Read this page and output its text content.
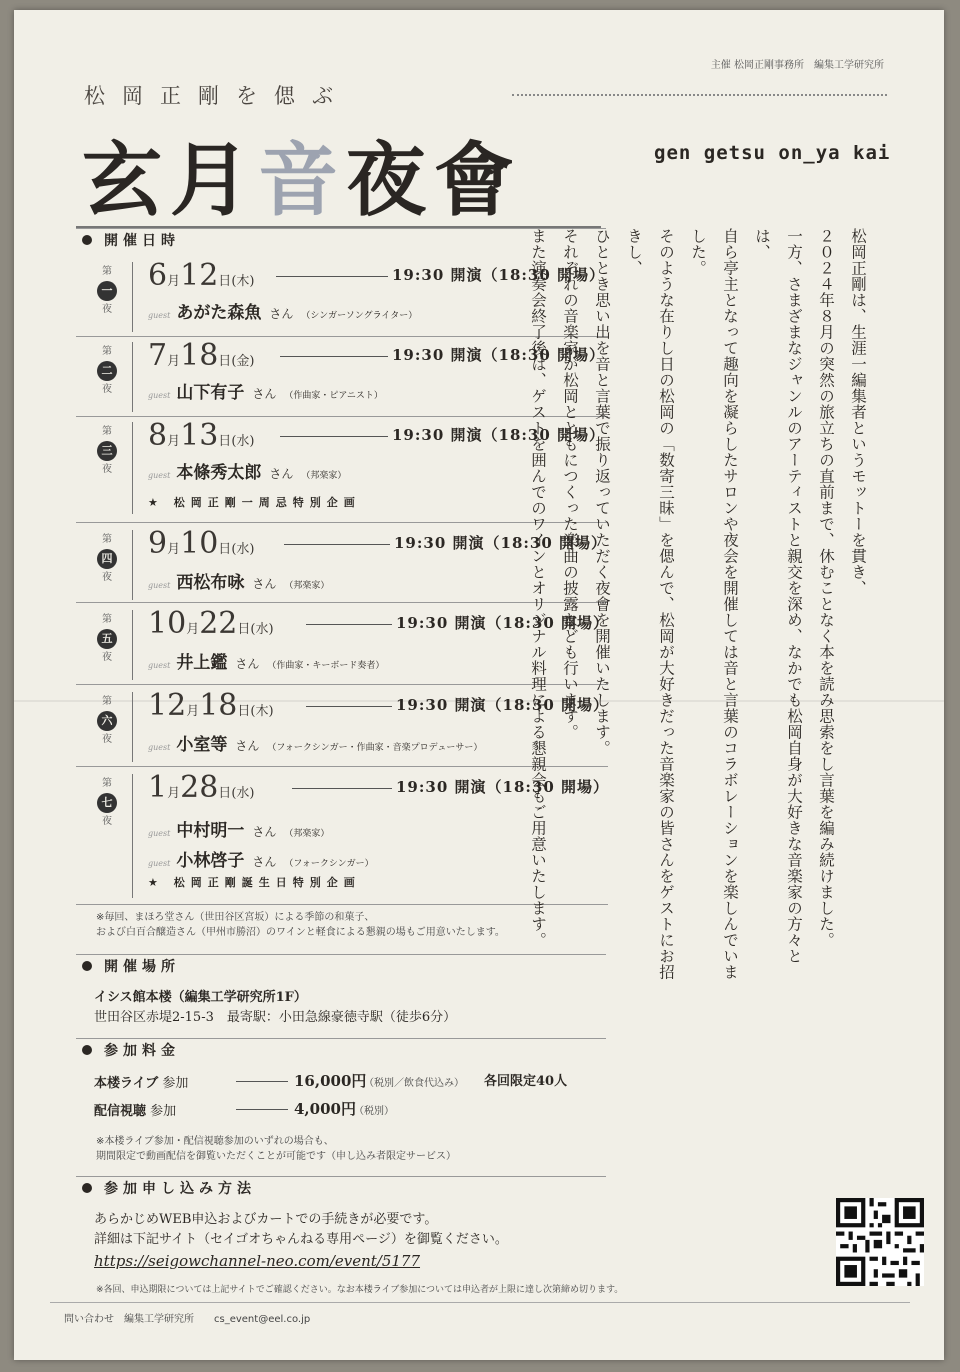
主催 松岡正剛事務所　編集工学研究所
松岡正剛を偲ぶ
玄月音夜會	gen getsu on_ya kai
開催日時
第
一
夜
6月12日(木)	19:30 開演（18:30 開場）
guest あがた森魚 さん （シンガーソングライター）
第
二
夜
7月18日(金)	19:30 開演（18:30 開場）
guest 山下有子 さん （作曲家・ピアニスト）
第
三
夜
8月13日(水)	19:30 開演（18:30 開場）
guest 本條秀太郎 さん （邦楽家）
★ 松岡正剛一周忌特別企画
第
四
夜
9月10日(水)	19:30 開演（18:30 開場）
guest 西松布咏 さん （邦楽家）
第
五
夜
10月22日(水)	19:30 開演（18:30 開場）
guest 井上鑑 さん （作曲家・キーボード奏者）
第
六
夜
12月18日(木)	19:30 開演（18:30 開場）
guest 小室等 さん （フォークシンガー・作曲家・音楽プロデューサー）
第
七
夜
1月28日(水)	19:30 開演（18:30 開場）
guest 中村明一 さん （邦楽家）
guest 小林啓子 さん （フォークシンガー）
★ 松岡正剛誕生日特別企画
※毎回、まほろ堂さん（世田谷区宮坂）による季節の和菓子、
および白百合醸造さん（甲州市勝沼）のワインと軽食による懇親の場もご用意いたします。
開催場所
イシス館本楼（編集工学研究所1F）
世田谷区赤堤2-15-3　最寄駅：小田急線豪徳寺駅（徒歩6分）
参加料金
本楼ライブ 参加	16,000円
（税別／飲食代込み） 各回限定40人
配信視聴 参加	4,000円
（税別）
※本楼ライブ参加・配信視聴参加のいずれの場合も、
期間限定で動画配信を御覧いただくことが可能です（申し込み者限定サービス）
参加申し込み方法
あらかじめWEB申込およびカートでの手続きが必要です。
詳細は下記サイト（セイゴオちゃんねる専用ページ）を御覧ください。
https://seigowchannel-neo.com/event/5177
※各回、申込期限については上記サイトでご確認ください。なお本楼ライブ参加については申込者が上限に達し次第締め切ります。
問い合わせ　編集工学研究所　　cs_event@eel.co.jp

松岡正剛は、生涯一編集者というモットーを貫き、

２０２４年８月の突然の旅立ちの直前まで、休むことなく本を読み思索をし言葉を編み続けました。

一方、さまざまなジャンルのアーティストと親交を深め、なかでも松岡自身が大好きな音楽家の方々とは、

自ら亭主となって趣向を凝らしたサロンや夜会を開催しては音と言葉のコラボレーションを楽しんでいました。

そのような在りし日の松岡の「数寄三昧」を偲んで、松岡が大好きだった音楽家の皆さんをゲストにお招きし、

ひととき思い出を音と言葉で振り返っていただく夜會を開催いたします。

それぞれの音楽家が松岡とともにつくった楽曲の披露なども行います。

また演奏会終了後は、ゲストを囲んでのワインとオリジナル料理による懇親会もご用意いたします。
